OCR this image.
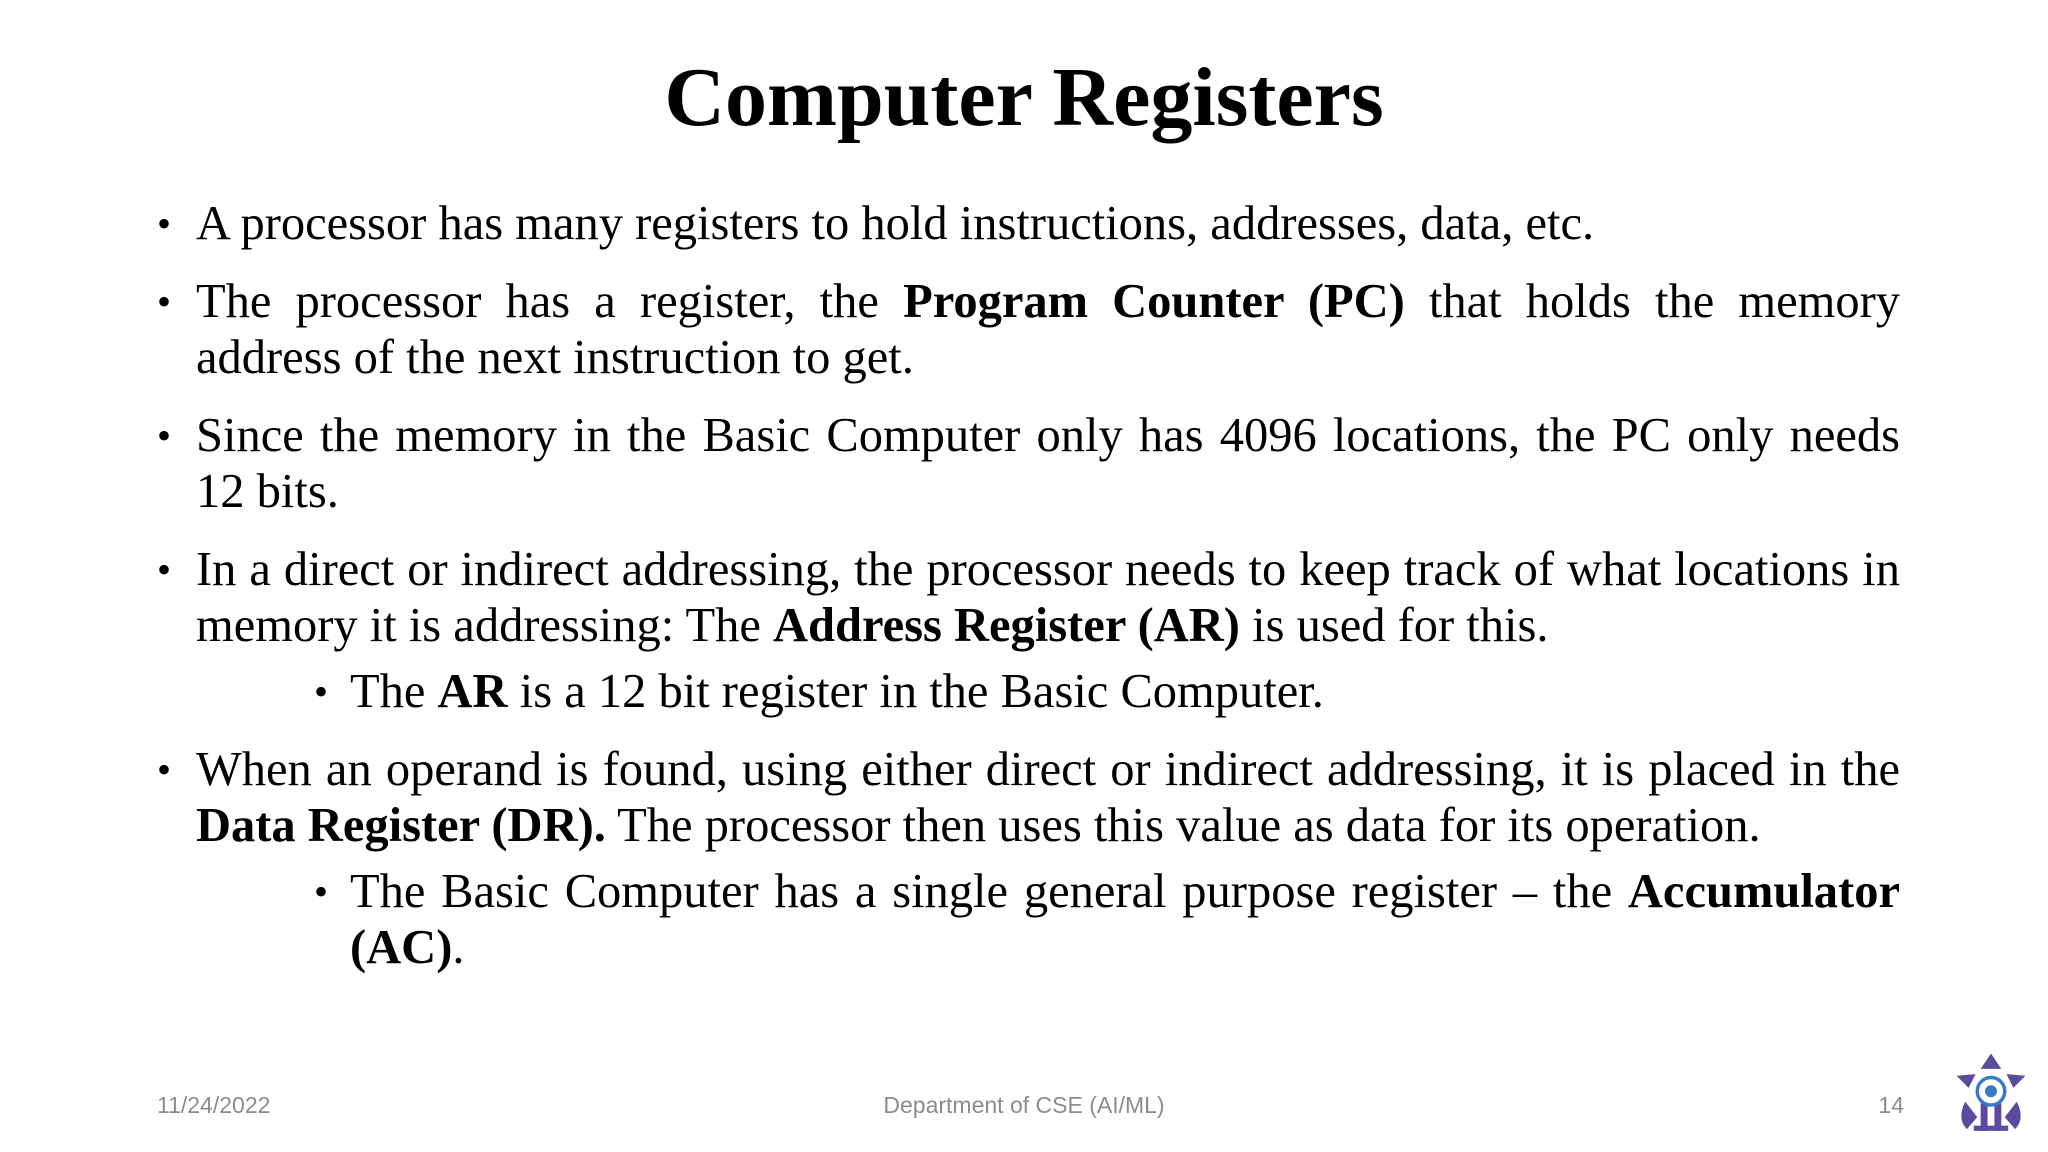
Computer Registers
• A processor has many registers to hold instructions, addresses, data, etc.
• The processor has a register, the Program Counter (PC) that holds the memory address of the next instruction to get.
• Since the memory in the Basic Computer only has 4096 locations, the PC only needs 12 bits.
• In a direct or indirect addressing, the processor needs to keep track of what locations in memory it is addressing: The Address Register (AR) is used for this.
• The AR is a 12 bit register in the Basic Computer.
• When an operand is found, using either direct or indirect addressing, it is placed in the Data Register (DR). The processor then uses this value as data for its operation.
• The Basic Computer has a single general purpose register – the Accumulator (AC).
11/24/2022	Department of CSE (AI/ML)	14
